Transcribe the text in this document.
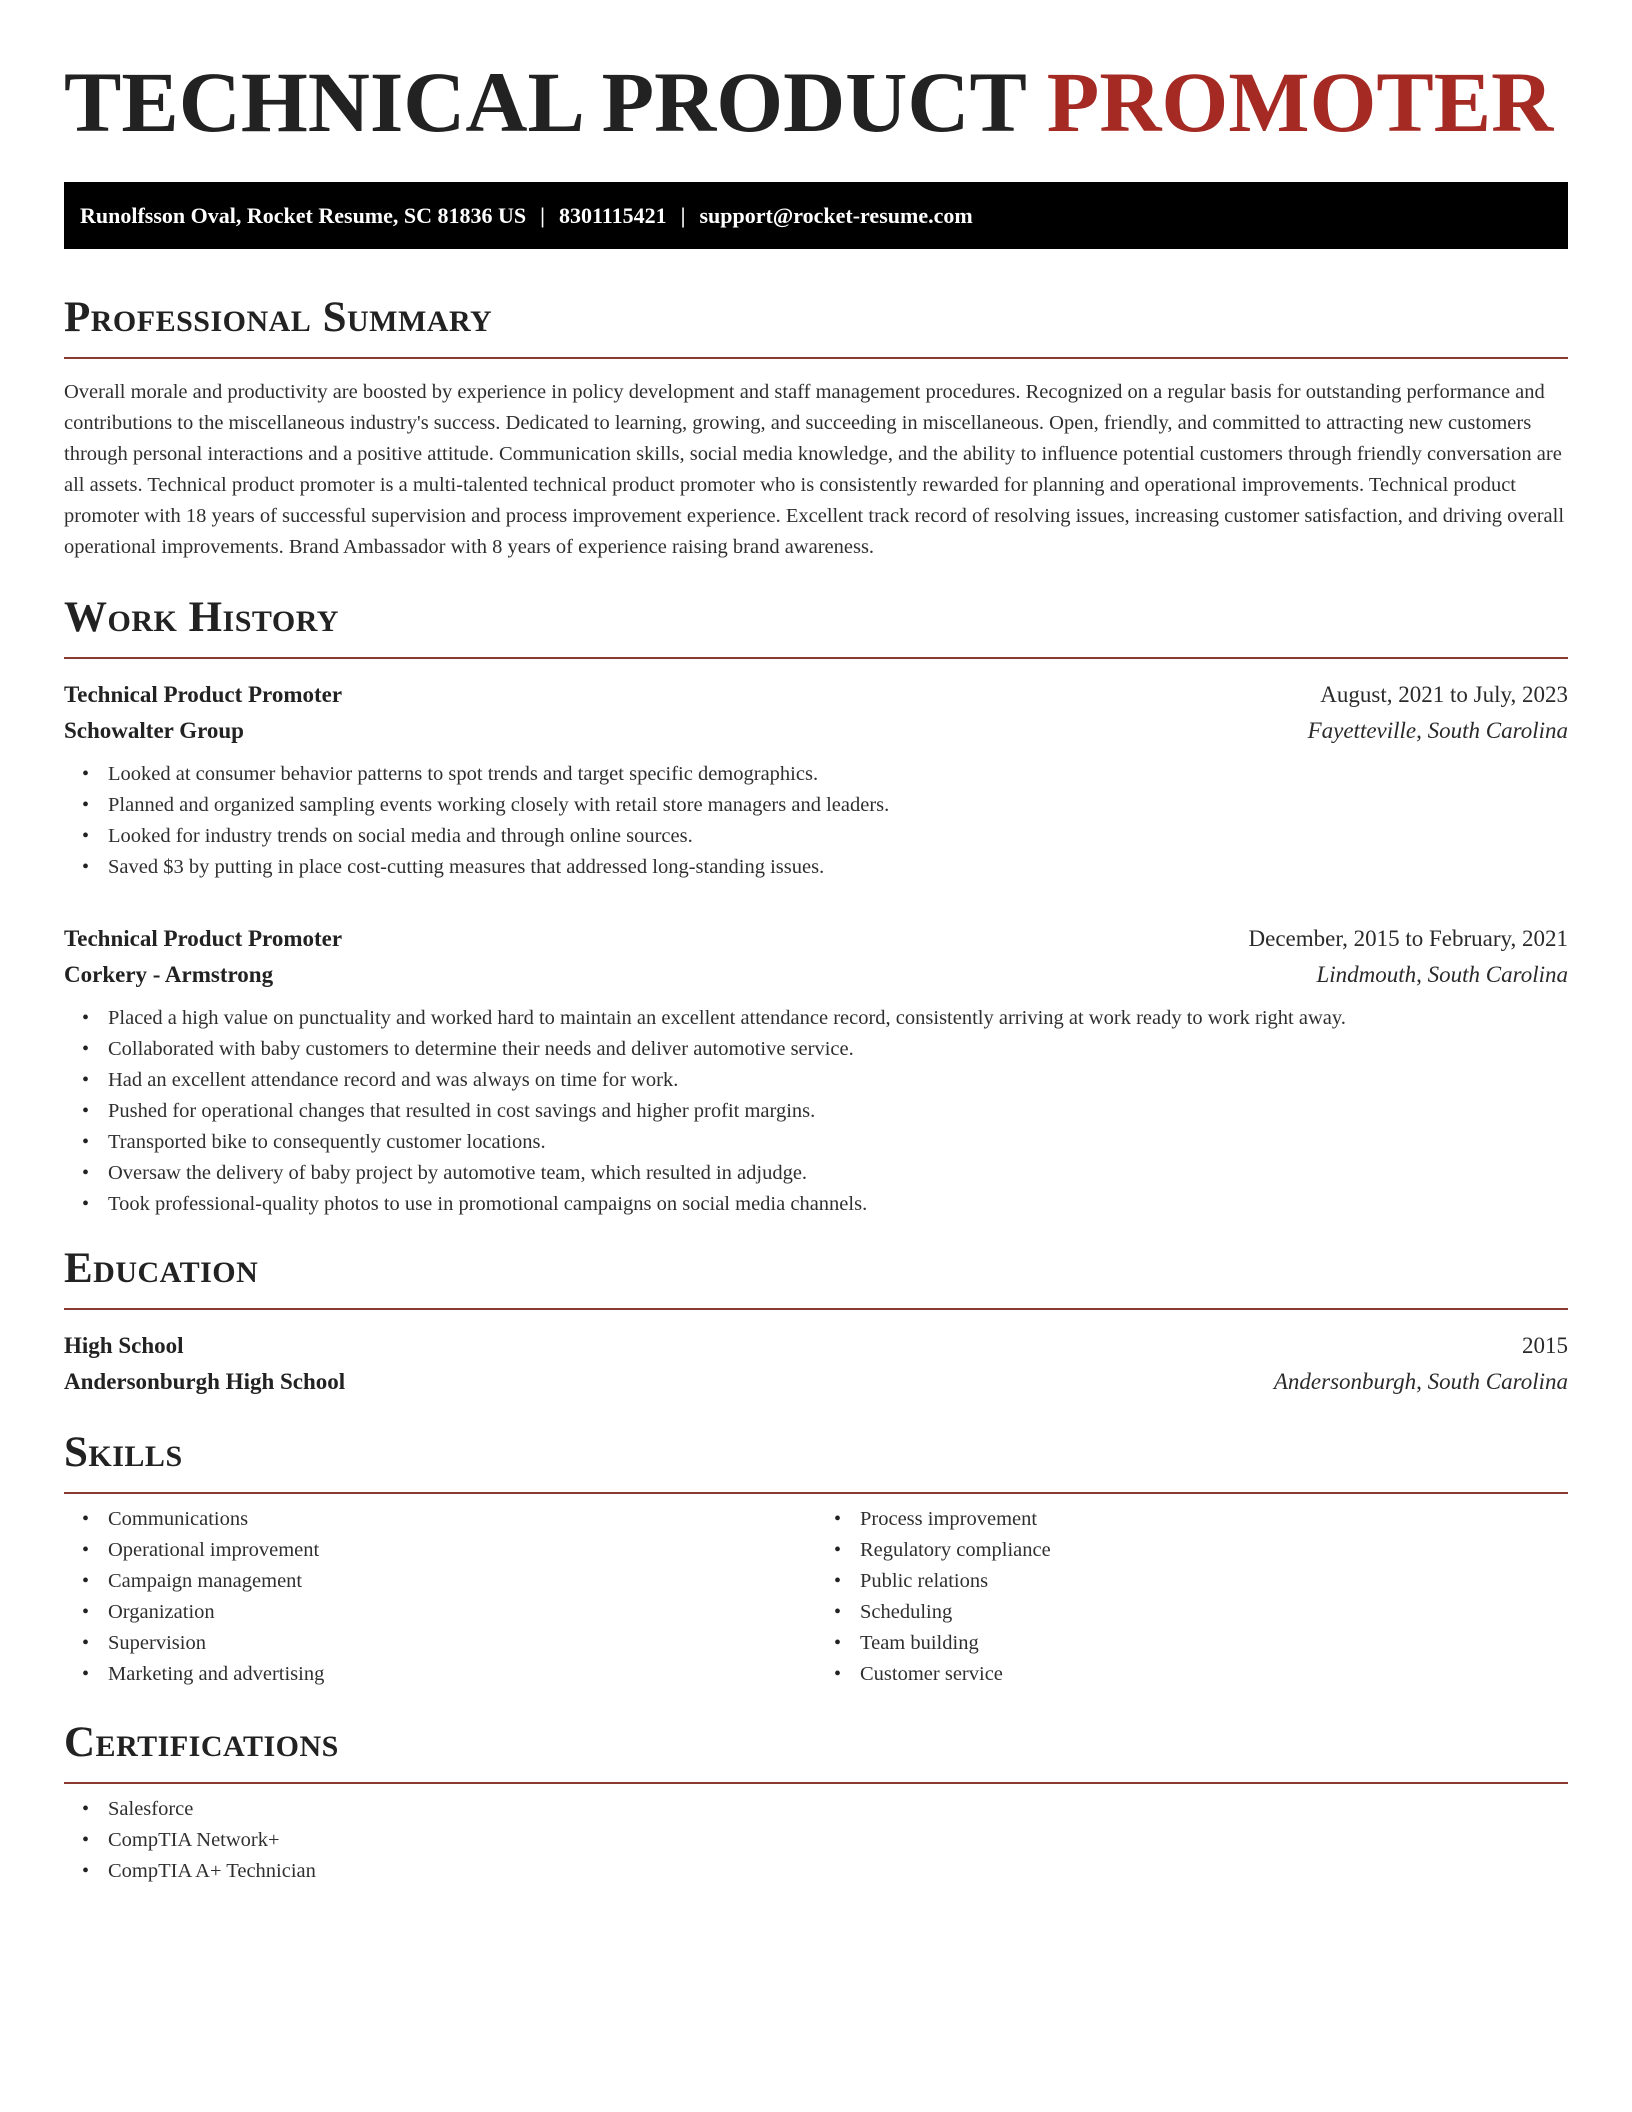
TECHNICAL PRODUCT PROMOTER
Runolfsson Oval, Rocket Resume, SC 81836 US | 8301115421 | support@rocket-resume.com
Professional Summary

Overall morale and productivity are boosted by experience in policy development and staff management procedures. Recognized on a regular basis for outstanding performance and contributions to the miscellaneous industry's success. Dedicated to learning, growing, and succeeding in miscellaneous. Open, friendly, and committed to attracting new customers through personal interactions and a positive attitude. Communication skills, social media knowledge, and the ability to influence potential customers through friendly conversation are all assets. Technical product promoter is a multi-talented technical product promoter who is consistently rewarded for planning and operational improvements. Technical product promoter with 18 years of successful supervision and process improvement experience. Excellent track record of resolving issues, increasing customer satisfaction, and driving overall operational improvements. Brand Ambassador with 8 years of experience raising brand awareness.

Work History
Technical Product Promoter	August, 2021 to July, 2023
Schowalter Group	Fayetteville, South Carolina
• Looked at consumer behavior patterns to spot trends and target specific demographics.
• Planned and organized sampling events working closely with retail store managers and leaders.
• Looked for industry trends on social media and through online sources.
• Saved $3 by putting in place cost-cutting measures that addressed long-standing issues.
Technical Product Promoter	December, 2015 to February, 2021
Corkery - Armstrong	Lindmouth, South Carolina
• Placed a high value on punctuality and worked hard to maintain an excellent attendance record, consistently arriving at work ready to work right away.
• Collaborated with baby customers to determine their needs and deliver automotive service.
• Had an excellent attendance record and was always on time for work.
• Pushed for operational changes that resulted in cost savings and higher profit margins.
• Transported bike to consequently customer locations.
• Oversaw the delivery of baby project by automotive team, which resulted in adjudge.
• Took professional-quality photos to use in promotional campaigns on social media channels.
Education
High School	2015
Andersonburgh High School	Andersonburgh, South Carolina
Skills
• Communications
• Operational improvement
• Campaign management
• Organization
• Supervision
• Marketing and advertising
• Process improvement
• Regulatory compliance
• Public relations
• Scheduling
• Team building
• Customer service
Certifications
• Salesforce
• CompTIA Network+
• CompTIA A+ Technician
